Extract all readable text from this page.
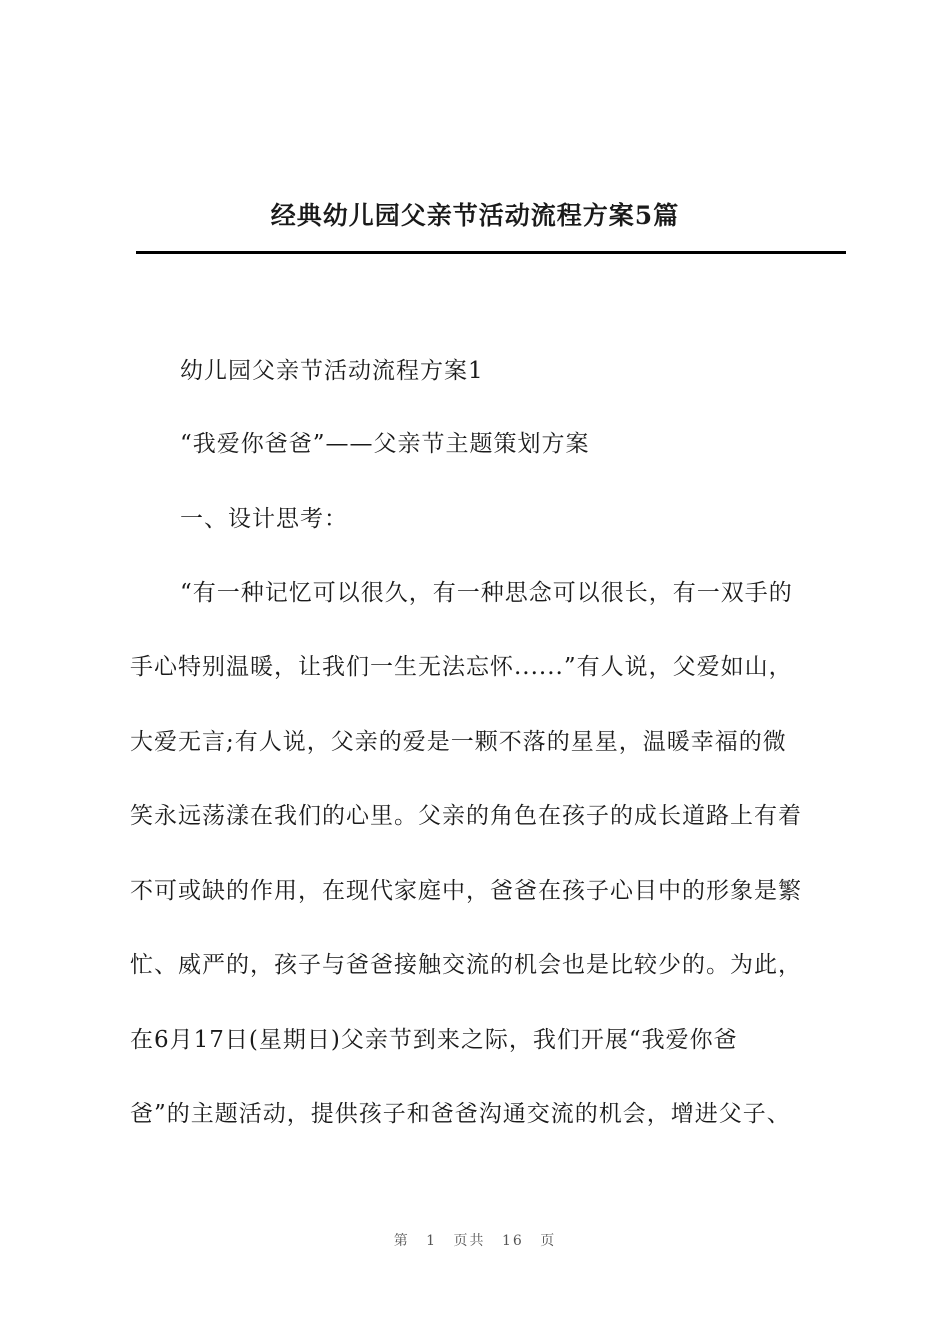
经典幼儿园父亲节活动流程方案5篇

幼儿园父亲节活动流程方案1

“我爱你爸爸”——父亲节主题策划方案

一、设计思考：

“有一种记忆可以很久，有一种思念可以很长，有一双手的

手心特别温暖，让我们一生无法忘怀......”有人说，父爱如山，

大爱无言;有人说，父亲的爱是一颗不落的星星，温暖幸福的微

笑永远荡漾在我们的心里。父亲的角色在孩子的成长道路上有着

不可或缺的作用，在现代家庭中，爸爸在孩子心目中的形象是繁

忙、威严的，孩子与爸爸接触交流的机会也是比较少的。为此，

在6月17日(星期日)父亲节到来之际，我们开展“我爱你爸

爸”的主题活动，提供孩子和爸爸沟通交流的机会，增进父子、

第 1 页共 16 页
